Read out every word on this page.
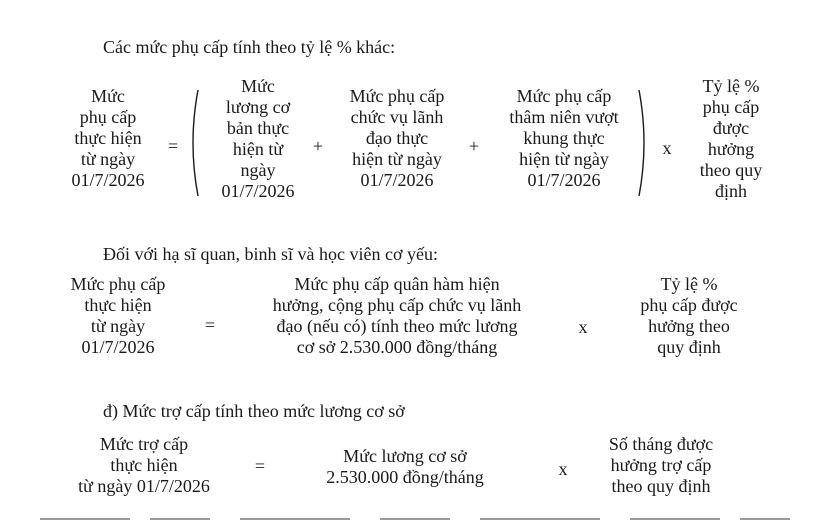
Các mức phụ cấp tính theo tỷ lệ % khác:
Mức
phụ cấp
thực hiện
từ ngày
01/7/2026
=
Mức
lương cơ
bản thực
hiện từ
ngày
01/7/2026
+
Mức phụ cấp
chức vụ lãnh
đạo thực
hiện từ ngày
01/7/2026
+
Mức phụ cấp
thâm niên vượt
khung thực
hiện từ ngày
01/7/2026
x
Tỷ lệ %
phụ cấp
được
hưởng
theo quy
định
Đối với hạ sĩ quan, binh sĩ và học viên cơ yếu:
Mức phụ cấp
thực hiện
từ ngày
01/7/2026
=
Mức phụ cấp quân hàm hiện
hưởng, cộng phụ cấp chức vụ lãnh
đạo (nếu có) tính theo mức lương
cơ sở 2.530.000 đồng/tháng
x
Tỷ lệ %
phụ cấp được
hưởng theo
quy định
đ) Mức trợ cấp tính theo mức lương cơ sở
Mức trợ cấp
thực hiện
từ ngày 01/7/2026
=	Mức lương cơ sở
2.530.000 đồng/tháng	x
Số tháng được
hưởng trợ cấp
theo quy định
